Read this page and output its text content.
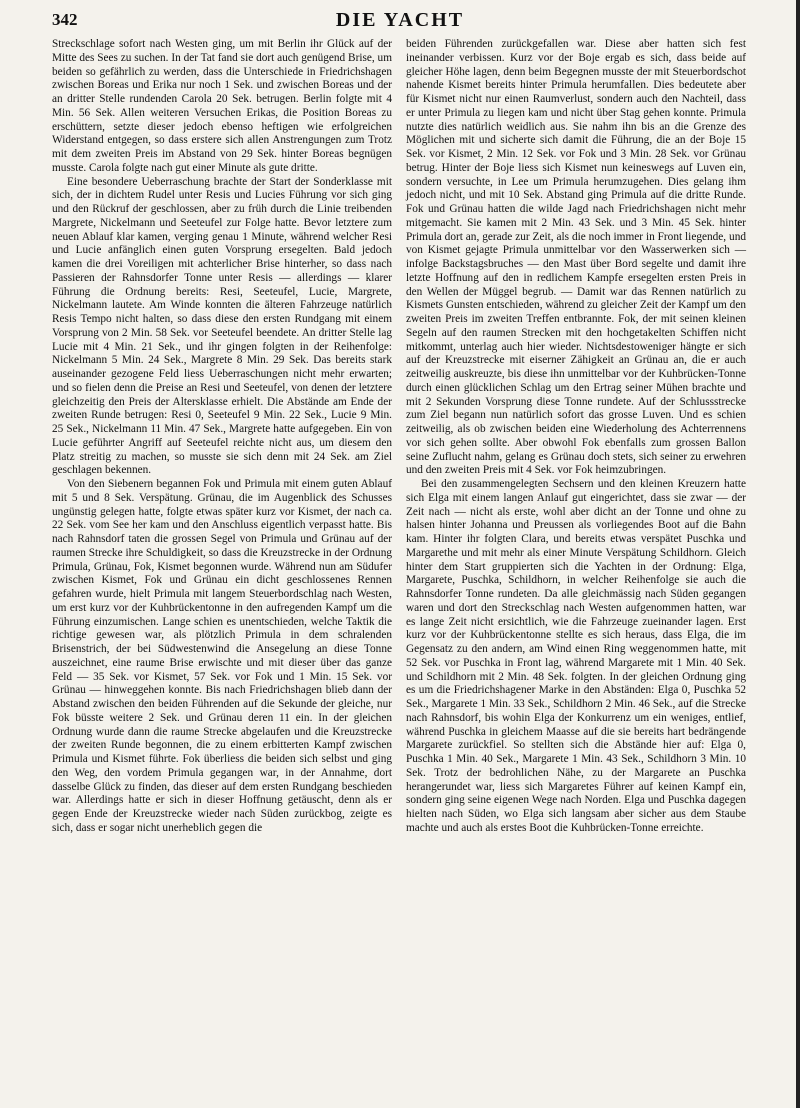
342	DIE YACHT

Streckschlage sofort nach Westen ging, um mit Berlin ihr Glück auf der Mitte des Sees zu suchen. In der Tat fand sie dort auch genügend Brise, um beiden so gefährlich zu werden, dass die Unterschiede in Friedrichshagen zwischen Boreas und Erika nur noch 1 Sek. und zwischen Boreas und der an dritter Stelle rundenden Carola 20 Sek. betrugen. Berlin folgte mit 4 Min. 56 Sek. Allen weiteren Versuchen Erikas, die Position Boreas zu erschüttern, setzte dieser jedoch ebenso heftigen wie erfolgreichen Widerstand entgegen, so dass erstere sich allen Anstrengungen zum Trotz mit dem zweiten Preis im Abstand von 29 Sek. hinter Boreas begnügen musste. Carola folgte nach gut einer Minute als gute dritte.

Eine besondere Ueberraschung brachte der Start der Sonderklasse mit sich, der in dichtem Rudel unter Resis und Lucies Führung vor sich ging und den Rückruf der geschlossen, aber zu früh durch die Linie treibenden Margrete, Nickelmann und Seeteufel zur Folge hatte. Bevor letztere zum neuen Ablauf klar kamen, verging genau 1 Minute, während welcher Resi und Lucie anfänglich einen guten Vorsprung ersegelten. Bald jedoch kamen die drei Voreiligen mit achterlicher Brise hinterher, so dass nach Passieren der Rahnsdorfer Tonne unter Resis — allerdings — klarer Führung die Ordnung bereits: Resi, Seeteufel, Lucie, Margrete, Nickelmann lautete. Am Winde konnten die älteren Fahrzeuge natürlich Resis Tempo nicht halten, so dass diese den ersten Rundgang mit einem Vorsprung von 2 Min. 58 Sek. vor Seeteufel beendete. An dritter Stelle lag Lucie mit 4 Min. 21 Sek., und ihr gingen folgten in der Reihenfolge: Nickelmann 5 Min. 24 Sek., Margrete 8 Min. 29 Sek. Das bereits stark auseinander gezogene Feld liess Ueberraschungen nicht mehr erwarten; und so fielen denn die Preise an Resi und Seeteufel, von denen der letztere gleichzeitig den Preis der Altersklasse erhielt. Die Abstände am Ende der zweiten Runde betrugen: Resi 0, Seeteufel 9 Min. 22 Sek., Lucie 9 Min. 25 Sek., Nickelmann 11 Min. 47 Sek., Margrete hatte aufgegeben. Ein von Lucie geführter Angriff auf Seeteufel reichte nicht aus, um diesem den Platz streitig zu machen, so musste sie sich denn mit 24 Sek. am Ziel geschlagen bekennen.

Von den Siebenern begannen Fok und Primula mit einem guten Ablauf mit 5 und 8 Sek. Verspätung. Grünau, die im Augenblick des Schusses ungünstig gelegen hatte, folgte etwas später kurz vor Kismet, der nach ca. 22 Sek. vom See her kam und den Anschluss eigentlich verpasst hatte. Bis nach Rahnsdorf taten die grossen Segel von Primula und Grünau auf der raumen Strecke ihre Schuldigkeit, so dass die Kreuzstrecke in der Ordnung Primula, Grünau, Fok, Kismet begonnen wurde. Während nun am Südufer zwischen Kismet, Fok und Grünau ein dicht geschlossenes Rennen gefahren wurde, hielt Primula mit langem Steuerbordschlag nach Westen, um erst kurz vor der Kuhbrückentonne in den aufregenden Kampf um die Führung einzumischen. Lange schien es unentschieden, welche Taktik die richtige gewesen war, als plötzlich Primula in dem schralenden Brisenstrich, der bei Südwestenwind die Ansegelung an diese Tonne auszeichnet, eine raume Brise erwischte und mit dieser über das ganze Feld — 35 Sek. vor Kismet, 57 Sek. vor Fok und 1 Min. 15 Sek. vor Grünau — hinweggehen konnte. Bis nach Friedrichshagen blieb dann der Abstand zwischen den beiden Führenden auf die Sekunde der gleiche, nur Fok büsste weitere 2 Sek. und Grünau deren 11 ein. In der gleichen Ordnung wurde dann die raume Strecke abgelaufen und die Kreuzstrecke der zweiten Runde begonnen, die zu einem erbitterten Kampf zwischen Primula und Kismet führte. Fok überliess die beiden sich selbst und ging den Weg, den vordem Primula gegangen war, in der Annahme, dort dasselbe Glück zu finden, das dieser auf dem ersten Rundgang beschieden war. Allerdings hatte er sich in dieser Hoffnung getäuscht, denn als er gegen Ende der Kreuzstrecke wieder nach Süden zurückbog, zeigte es sich, dass er sogar nicht unerheblich gegen die

beiden Führenden zurückgefallen war. Diese aber hatten sich fest ineinander verbissen. Kurz vor der Boje ergab es sich, dass beide auf gleicher Höhe lagen, denn beim Begegnen musste der mit Steuerbordschot nahende Kismet bereits hinter Primula herumfallen. Dies bedeutete aber für Kismet nicht nur einen Raumverlust, sondern auch den Nachteil, dass er unter Primula zu liegen kam und nicht über Stag gehen konnte. Primula nutzte dies natürlich weidlich aus. Sie nahm ihn bis an die Grenze des Möglichen mit und sicherte sich damit die Führung, die an der Boje 15 Sek. vor Kismet, 2 Min. 12 Sek. vor Fok und 3 Min. 28 Sek. vor Grünau betrug. Hinter der Boje liess sich Kismet nun keineswegs auf Luven ein, sondern versuchte, in Lee um Primula herumzugehen. Dies gelang ihm jedoch nicht, und mit 10 Sek. Abstand ging Primula auf die dritte Runde. Fok und Grünau hatten die wilde Jagd nach Friedrichshagen nicht mehr mitgemacht. Sie kamen mit 2 Min. 43 Sek. und 3 Min. 45 Sek. hinter Primula dort an, gerade zur Zeit, als die noch immer in Front liegende, und von Kismet gejagte Primula unmittelbar vor den Wasserwerken sich — infolge Backstagsbruches — den Mast über Bord segelte und damit ihre letzte Hoffnung auf den in redlichem Kampfe ersegelten ersten Preis in den Wellen der Müggel begrub. — Damit war das Rennen natürlich zu Kismets Gunsten entschieden, während zu gleicher Zeit der Kampf um den zweiten Preis im zweiten Treffen entbrannte. Fok, der mit seinen kleinen Segeln auf den raumen Strecken mit den hochgetakelten Schiffen nicht mitkommt, unterlag auch hier wieder. Nichtsdestoweniger hängte er sich auf der Kreuzstrecke mit eiserner Zähigkeit an Grünau an, die er auch zeitweilig auskreuzte, bis diese ihn unmittelbar vor der Kuhbrücken-Tonne durch einen glücklichen Schlag um den Ertrag seiner Mühen brachte und mit 2 Sekunden Vorsprung diese Tonne rundete. Auf der Schlussstrecke zum Ziel begann nun natürlich sofort das grosse Luven. Und es schien zeitweilig, als ob zwischen beiden eine Wiederholung des Achterrennens vor sich gehen sollte. Aber obwohl Fok ebenfalls zum grossen Ballon seine Zuflucht nahm, gelang es Grünau doch stets, sich seiner zu erwehren und den zweiten Preis mit 4 Sek. vor Fok heimzubringen.

Bei den zusammengelegten Sechsern und den kleinen Kreuzern hatte sich Elga mit einem langen Anlauf gut eingerichtet, dass sie zwar — der Zeit nach — nicht als erste, wohl aber dicht an der Tonne und ohne zu halsen hinter Johanna und Preussen als vorliegendes Boot auf die Bahn kam. Hinter ihr folgten Clara, und bereits etwas verspätet Puschka und Margarethe und mit mehr als einer Minute Verspätung Schildhorn. Gleich hinter dem Start gruppierten sich die Yachten in der Ordnung: Elga, Margarete, Puschka, Schildhorn, in welcher Reihenfolge sie auch die Rahnsdorfer Tonne rundeten. Da alle gleichmässig nach Süden gegangen waren und dort den Streckschlag nach Westen aufgenommen hatten, war es lange Zeit nicht ersichtlich, wie die Fahrzeuge zueinander lagen. Erst kurz vor der Kuhbrückentonne stellte es sich heraus, dass Elga, die im Gegensatz zu den andern, am Wind einen Ring weggenommen hatte, mit 52 Sek. vor Puschka in Front lag, während Margarete mit 1 Min. 40 Sek. und Schildhorn mit 2 Min. 48 Sek. folgten. In der gleichen Ordnung ging es um die Friedrichshagener Marke in den Abständen: Elga 0, Puschka 52 Sek., Margarete 1 Min. 33 Sek., Schildhorn 2 Min. 46 Sek., auf die Strecke nach Rahnsdorf, bis wohin Elga der Konkurrenz um ein weniges, entlief, während Puschka in gleichem Maasse auf die sie bereits hart bedrängende Margarete zurückfiel. So stellten sich die Abstände hier auf: Elga 0, Puschka 1 Min. 40 Sek., Margarete 1 Min. 43 Sek., Schildhorn 3 Min. 10 Sek. Trotz der bedrohlichen Nähe, zu der Margarete an Puschka herangerundet war, liess sich Margaretes Führer auf keinen Kampf ein, sondern ging seine eigenen Wege nach Norden. Elga und Puschka dagegen hielten nach Süden, wo Elga sich langsam aber sicher aus dem Staube machte und auch als erstes Boot die Kuhbrücken-Tonne erreichte.
